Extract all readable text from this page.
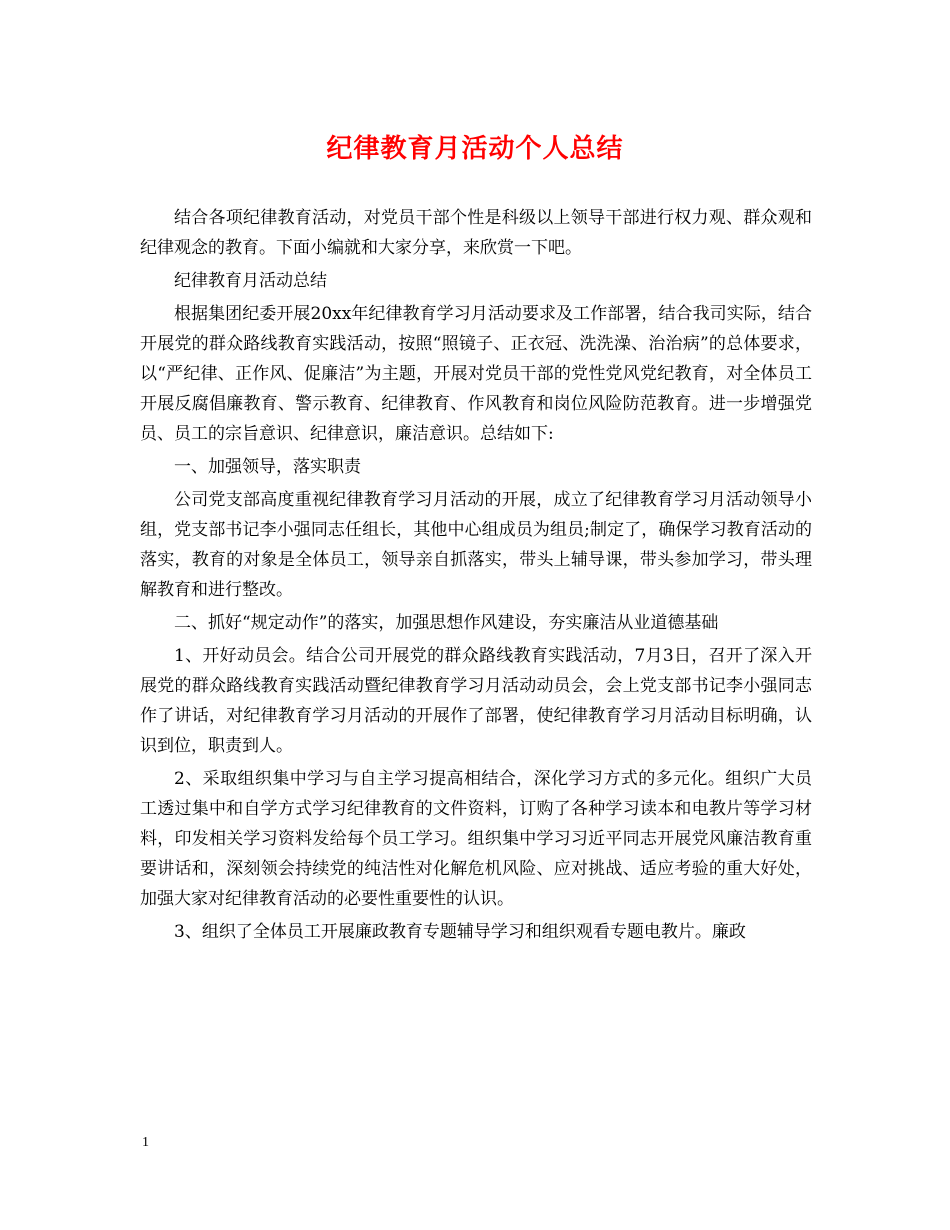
纪律教育月活动个人总结

结合各项纪律教育活动，对党员干部个性是科级以上领导干部进行权力观、群众观和纪律观念的教育。下面小编就和大家分享，来欣赏一下吧。

纪律教育月活动总结

根据集团纪委开展20xx年纪律教育学习月活动要求及工作部署，结合我司实际，结合开展党的群众路线教育实践活动，按照“照镜子、正衣冠、洗洗澡、治治病”的总体要求，以“严纪律、正作风、促廉洁”为主题，开展对党员干部的党性党风党纪教育，对全体员工开展反腐倡廉教育、警示教育、纪律教育、作风教育和岗位风险防范教育。进一步增强党员、员工的宗旨意识、纪律意识，廉洁意识。总结如下:

一、加强领导，落实职责

公司党支部高度重视纪律教育学习月活动的开展，成立了纪律教育学习月活动领导小组，党支部书记李小强同志任组长，其他中心组成员为组员;制定了，确保学习教育活动的落实，教育的对象是全体员工，领导亲自抓落实，带头上辅导课，带头参加学习，带头理解教育和进行整改。

二、抓好“规定动作”的落实，加强思想作风建设，夯实廉洁从业道德基础

1、开好动员会。结合公司开展党的群众路线教育实践活动，7月3日，召开了深入开展党的群众路线教育实践活动暨纪律教育学习月活动动员会，会上党支部书记李小强同志作了讲话，对纪律教育学习月活动的开展作了部署，使纪律教育学习月活动目标明确，认识到位，职责到人。

2、采取组织集中学习与自主学习提高相结合，深化学习方式的多元化。组织广大员工透过集中和自学方式学习纪律教育的文件资料，订购了各种学习读本和电教片等学习材料，印发相关学习资料发给每个员工学习。组织集中学习习近平同志开展党风廉洁教育重要讲话和，深刻领会持续党的纯洁性对化解危机风险、应对挑战、适应考验的重大好处，加强大家对纪律教育活动的必要性重要性的认识。

3、组织了全体员工开展廉政教育专题辅导学习和组织观看专题电教片。廉政

1
